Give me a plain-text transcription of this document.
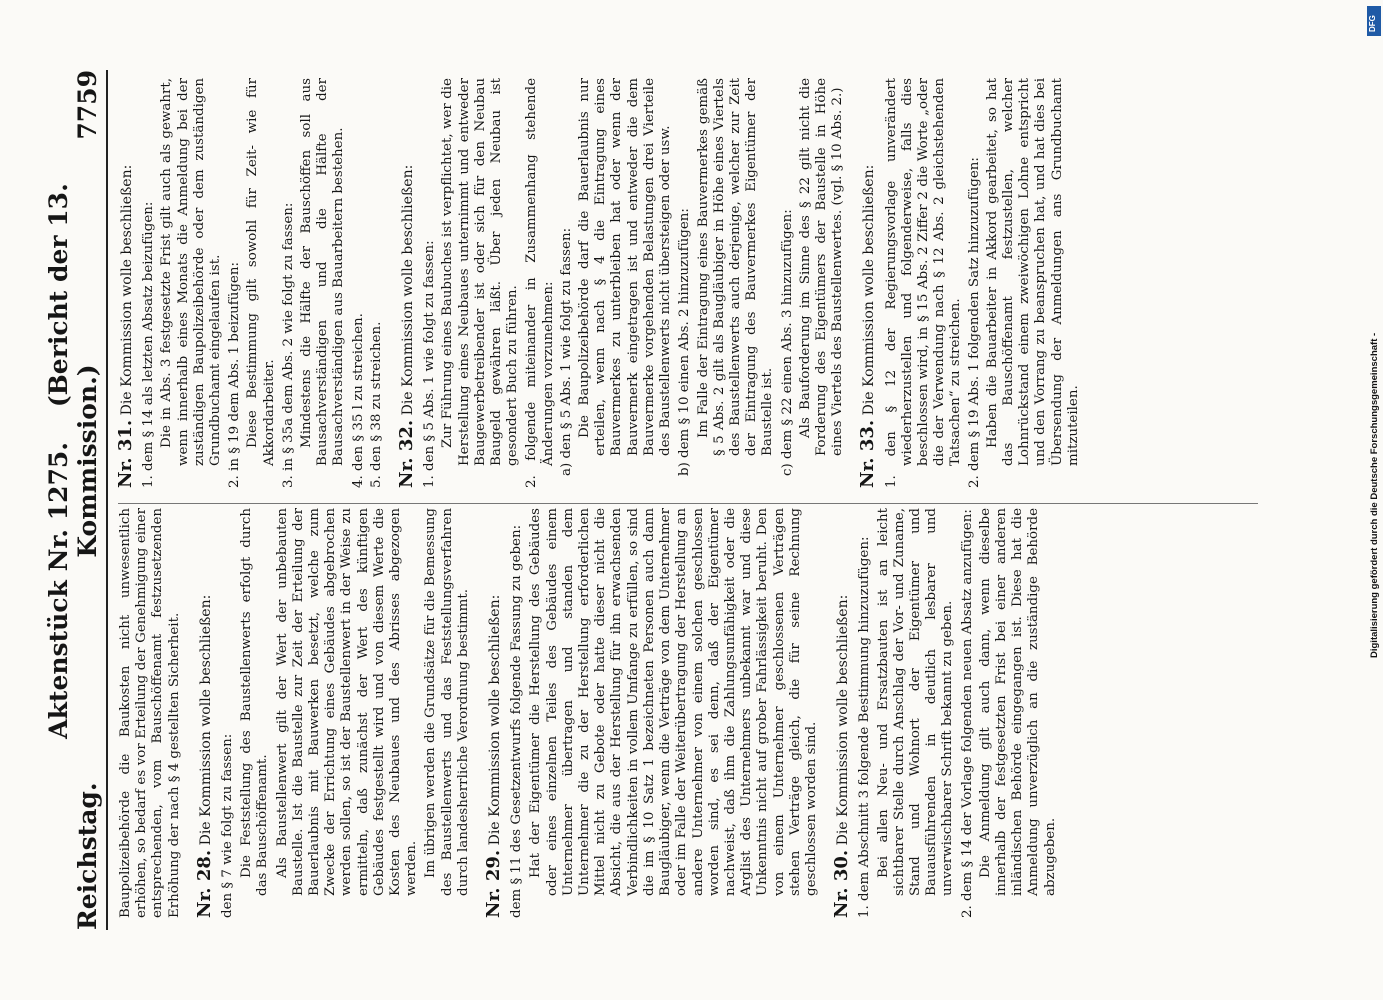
Reichstag.
Aktenstück Nr. 1275.    (Bericht der 13. Kommission.)
7759

Baupolizeibehörde die Baukosten nicht unwesentlich erhöhen, so bedarf es vor Erteilung der Genehmigung einer entsprechenden, vom Bauschöffenamt festzusetzenden Erhöhung der nach § 4 gestellten Sicherheit. Nr. 28. Die Kommission wolle beschließen: den § 7 wie folgt zu fassen: Die Feststellung des Baustellenwerts erfolgt durch das Bauschöffenamt. Als Baustellenwert gilt der Wert der unbebauten Baustelle. Ist die Baustelle zur Zeit der Erteilung der Bauerlaubnis mit Bauwerken besetzt, welche zum Zwecke der Errichtung eines Gebäudes abgebrochen werden sollen, so ist der Baustellenwert in der Weise zu ermitteln, daß zunächst der Wert des künftigen Gebäudes festgestellt wird und von diesem Werte die Kosten des Neubaues und des Abrisses abgezogen werden. Im übrigen werden die Grundsätze für die Bemessung des Baustellenwerts und das Feststellungsverfahren durch landesherrliche Verordnung bestimmt. Nr. 29. Die Kommission wolle beschließen: dem § 11 des Gesetzentwurfs folgende Fassung zu geben: Hat der Eigentümer die Herstellung des Gebäudes oder eines einzelnen Teiles des Gebäudes einem Unternehmer übertragen und standen dem Unternehmer die zu der Herstellung erforderlichen Mittel nicht zu Gebote oder hatte dieser nicht die Absicht, die aus der Herstellung für ihn erwachsenden Verbindlichkeiten in vollem Umfange zu erfüllen, so sind die im § 10 Satz 1 bezeichneten Personen auch dann Baugläubiger, wenn die Verträge von dem Unternehmer oder im Falle der Weiterübertragung der Herstellung an andere Unternehmer von einem solchen geschlossen worden sind, es sei denn, daß der Eigentümer nachweist, daß ihm die Zahlungsunfähigkeit oder die Arglist des Unternehmers unbekannt war und diese Unkenntnis nicht auf grober Fahrlässigkeit beruht. Den von einem Unternehmer geschlossenen Verträgen stehen Verträge gleich, die für seine Rechnung geschlossen worden sind. Nr. 30. Die Kommission wolle beschließen: 1. dem Abschnitt 3 folgende Bestimmung hinzuzufügen: Bei allen Neu- und Ersatzbauten ist an leicht sichtbarer Stelle durch Anschlag der Vor- und Zuname, Stand und Wohnort der Eigentümer und Bauausführenden in deutlich lesbarer und unverwischbarer Schrift bekannt zu geben. 2. dem § 14 der Vorlage folgenden neuen Absatz anzufügen: Die Anmeldung gilt auch dann, wenn dieselbe innerhalb der festgesetzten Frist bei einer anderen inländischen Behörde eingegangen ist. Diese hat die Anmeldung unverzüglich an die zuständige Behörde abzugeben.

Nr. 31. Die Kommission wolle beschließen: 1. dem § 14 als letzten Absatz beizufügen: Die in Abs. 3 festgesetzte Frist gilt auch als gewahrt, wenn innerhalb eines Monats die Anmeldung bei der zuständigen Baupolizeibehörde oder dem zuständigen Grundbuchamt eingelaufen ist. 2. in § 19 dem Abs. 1 beizufügen: Diese Bestimmung gilt sowohl für Zeit- wie für Akkordarbeiter. 3. in § 35a dem Abs. 2 wie folgt zu fassen: Mindestens die Hälfte der Bauschöffen soll aus Bausachverständigen und die Hälfte der Bausachverständigen aus Bauarbeitern bestehen. 4. den § 35 l zu streichen. 5. den § 38 zu streichen. Nr. 32. Die Kommission wolle beschließen: 1. den § 5 Abs. 1 wie folgt zu fassen: Zur Führung eines Baubuches ist verpflichtet, wer die Herstellung eines Neubaues unternimmt und entweder Baugewerbetreibender ist oder sich für den Neubau Baugeld gewähren läßt. Über jeden Neubau ist gesondert Buch zu führen. 2. folgende miteinander in Zusammenhang stehende Änderungen vorzunehmen: a) den § 5 Abs. 1 wie folgt zu fassen: Die Baupolizeibehörde darf die Bauerlaubnis nur erteilen, wenn nach § 4 die Eintragung eines Bauvermerkes zu unterbleiben hat oder wenn der Bauvermerk eingetragen ist und entweder die dem Bauvermerke vorgehenden Belastungen drei Vierteile des Baustellenwerts nicht übersteigen oder usw. b) dem § 10 einen Abs. 2 hinzuzufügen: Im Falle der Eintragung eines Bauvermerkes gemäß § 5 Abs. 2 gilt als Baugläubiger in Höhe eines Viertels des Baustellenwerts auch derjenige, welcher zur Zeit der Eintragung des Bauvermerkes Eigentümer der Baustelle ist. c) dem § 22 einen Abs. 3 hinzuzufügen: Als Bauforderung im Sinne des § 22 gilt nicht die Forderung des Eigentümers der Baustelle in Höhe eines Viertels des Baustellenwertes. (vgl. § 10 Abs. 2.) Nr. 33. Die Kommission wolle beschließen: 1. den § 12 der Regierungsvorlage unverändert wiederherzustellen und folgenderweise, falls dies beschlossen wird, in § 15 Abs. 2 Ziffer 2 die Worte „oder die der Verwendung nach § 12 Abs. 2 gleichstehenden Tatsachen“ zu streichen. 2. dem § 19 Abs. 1 folgenden Satz hinzuzufügen: Haben die Bauarbeiter in Akkord gearbeitet, so hat das Bauschöffenamt festzustellen, welcher Lohnrückstand einem zweiwöchigen Lohne entspricht und den Vorrang zu beanspruchen hat, und hat dies bei Übersendung der Anmeldungen ans Grundbuchamt mitzuteilen.

DFG
Digitalisierung gefördert durch die Deutsche Forschungsgemeinschaft -
